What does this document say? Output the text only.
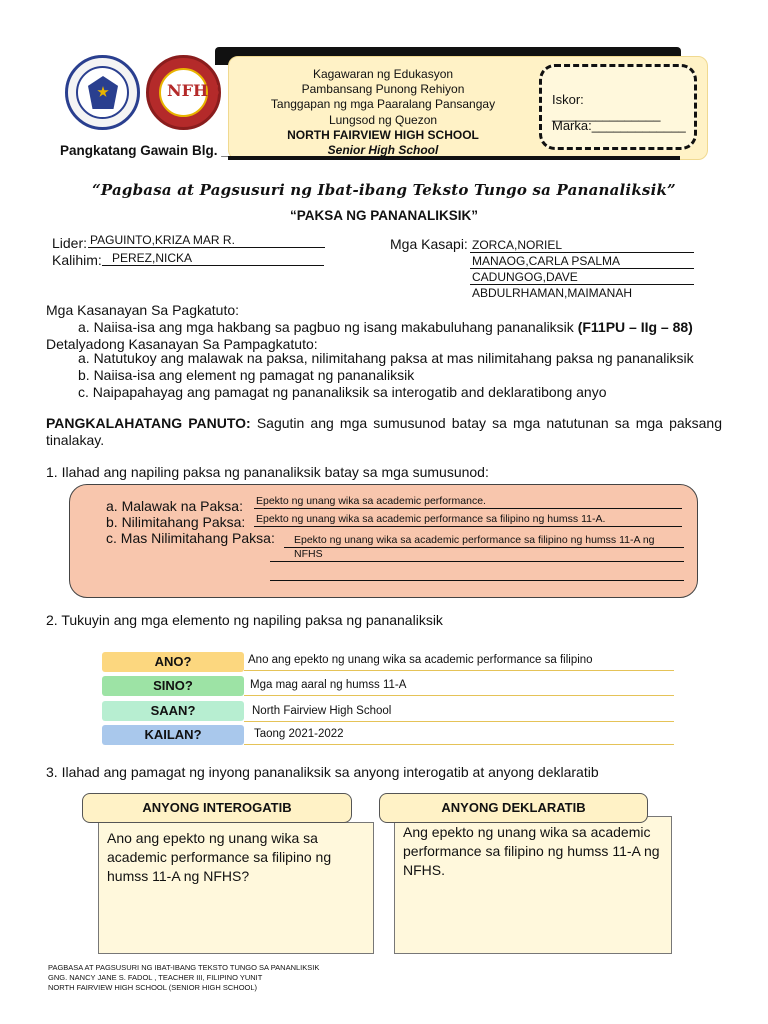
NFHS
Kagawaran ng Edukasyon
Pambansang Punong Rehiyon
Tanggapan ng mga Paaralang Pansangay
Lungsod ng Quezon
NORTH FAIRVIEW HIGH SCHOOL
Senior High School
Iskor: _______________
Marka:_____________
Pangkatang Gawain Blg. ________
“Pagbasa at Pagsusuri ng Ibat-ibang Teksto Tungo sa Pananaliksik”
“PAKSA NG PANANALIKSIK”
Lider: PAGUINTO,KRIZA MAR R.
Kalihim: PEREZ,NICKA
Mga Kasapi: ZORCA,NORIEL
MANAOG,CARLA PSALMA
CADUNGOG,DAVE
ABDULRHAMAN,MAIMANAH
Mga Kasanayan Sa Pagkatuto:
a. Naiisa-isa ang mga hakbang sa pagbuo ng isang makabuluhang pananaliksik (F11PU – IIg – 88)
Detalyadong Kasanayan Sa Pampagkatuto:
a. Natutukoy ang malawak na paksa, nilimitahang paksa at mas nilimitahang paksa ng pananaliksik
b. Naiisa-isa ang element ng pamagat ng pananaliksik
c. Naipapahayag ang pamagat ng pananaliksik sa interogatib and deklaratibong anyo
PANGKALAHATANG PANUTO: Sagutin ang mga sumusunod batay sa mga natutunan sa mga paksang tinalakay.
1. Ilahad ang napiling paksa ng pananaliksik batay sa mga sumusunod:
a. Malawak na Paksa: Epekto ng unang wika sa academic performance.
b. Nilimitahang Paksa: Epekto ng unang wika sa academic performance sa filipino ng humss 11-A.
c. Mas Nilimitahang Paksa:	Epekto ng unang wika sa academic performance sa filipino ng humss 11-A ng
NFHS
2. Tukuyin ang mga elemento ng napiling paksa ng pananaliksik
ANO?	Ano ang epekto ng unang wika sa academic performance sa filipino
SINO?	Mga mag aaral ng humss 11-A
SAAN?	North Fairview High School
KAILAN?	Taong 2021-2022
3. Ilahad ang pamagat ng inyong pananaliksik sa anyong interogatib at anyong deklaratib
Ano ang epekto ng unang wika sa academic performance sa filipino ng humss 11-A ng NFHS?
ANYONG INTEROGATIB
Ang epekto ng unang wika sa academic performance sa filipino ng humss 11-A ng NFHS.
ANYONG DEKLARATIB
PAGBASA AT PAGSUSURI NG IBAT-IBANG TEKSTO TUNGO SA PANANLIKSIK
GNG. NANCY JANE S. FADOL , TEACHER III, FILIPINO YUNIT
NORTH FAIRVIEW HIGH SCHOOL (SENIOR HIGH SCHOOL)
